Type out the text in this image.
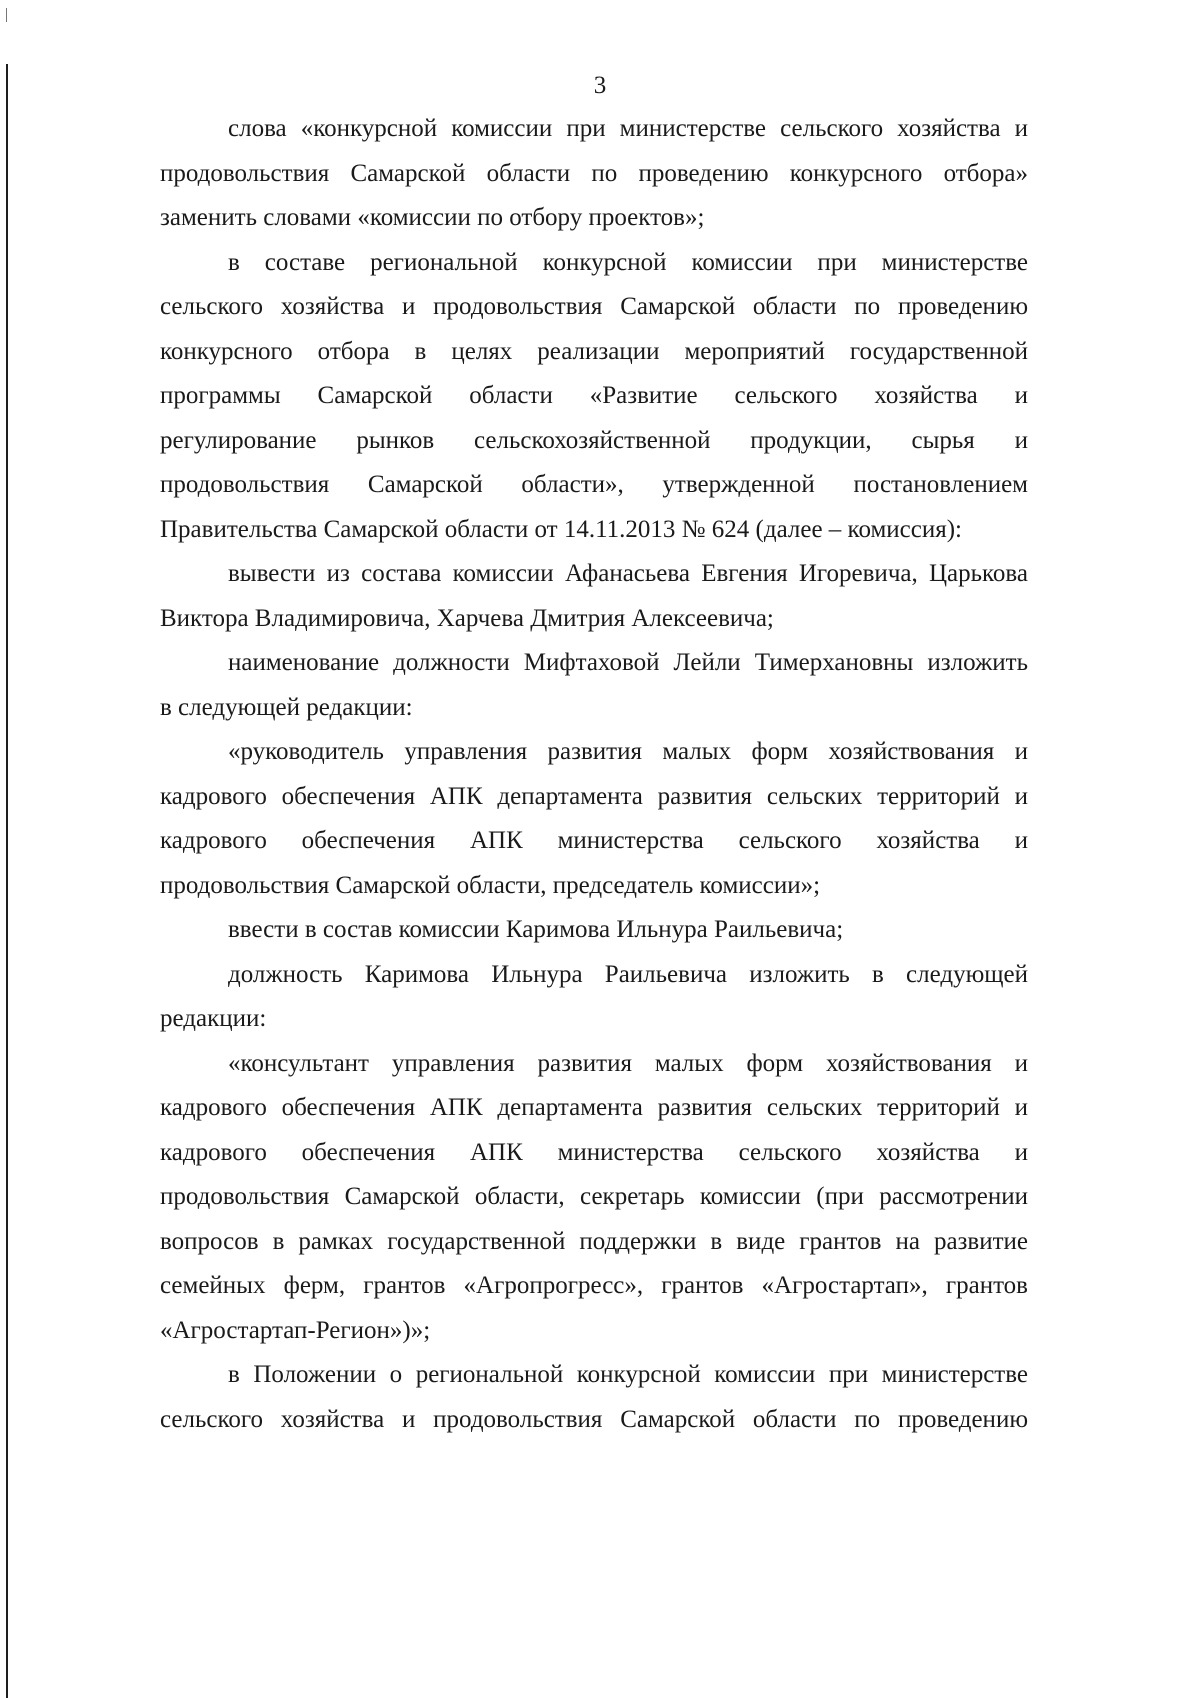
3
слова «конкурсной комиссии при министерстве сельского хозяйства и
продовольствия Самарской области по проведению конкурсного отбора»
заменить словами «комиссии по отбору проектов»;
в составе региональной конкурсной комиссии при министерстве
сельского хозяйства и продовольствия Самарской области по проведению
конкурсного отбора в целях реализации мероприятий государственной
программы Самарской области «Развитие сельского хозяйства и
регулирование рынков сельскохозяйственной продукции, сырья и
продовольствия Самарской области», утвержденной постановлением
Правительства Самарской области от 14.11.2013 № 624 (далее – комиссия):
вывести из состава комиссии Афанасьева Евгения Игоревича, Царькова
Виктора Владимировича, Харчева Дмитрия Алексеевича;
наименование должности Мифтаховой Лейли Тимерхановны изложить
в следующей редакции:
«руководитель управления развития малых форм хозяйствования и
кадрового обеспечения АПК департамента развития сельских территорий и
кадрового обеспечения АПК министерства сельского хозяйства и
продовольствия Самарской области, председатель комиссии»;
ввести в состав комиссии Каримова Ильнура Раильевича;
должность Каримова Ильнура Раильевича изложить в следующей
редакции:
«консультант управления развития малых форм хозяйствования и
кадрового обеспечения АПК департамента развития сельских территорий и
кадрового обеспечения АПК министерства сельского хозяйства и
продовольствия Самарской области, секретарь комиссии (при рассмотрении
вопросов в рамках государственной поддержки в виде грантов на развитие
семейных ферм, грантов «Агропрогресс», грантов «Агростартап», грантов
«Агростартап-Регион»)»;
в Положении о региональной конкурсной комиссии при министерстве
сельского хозяйства и продовольствия Самарской области по проведению
